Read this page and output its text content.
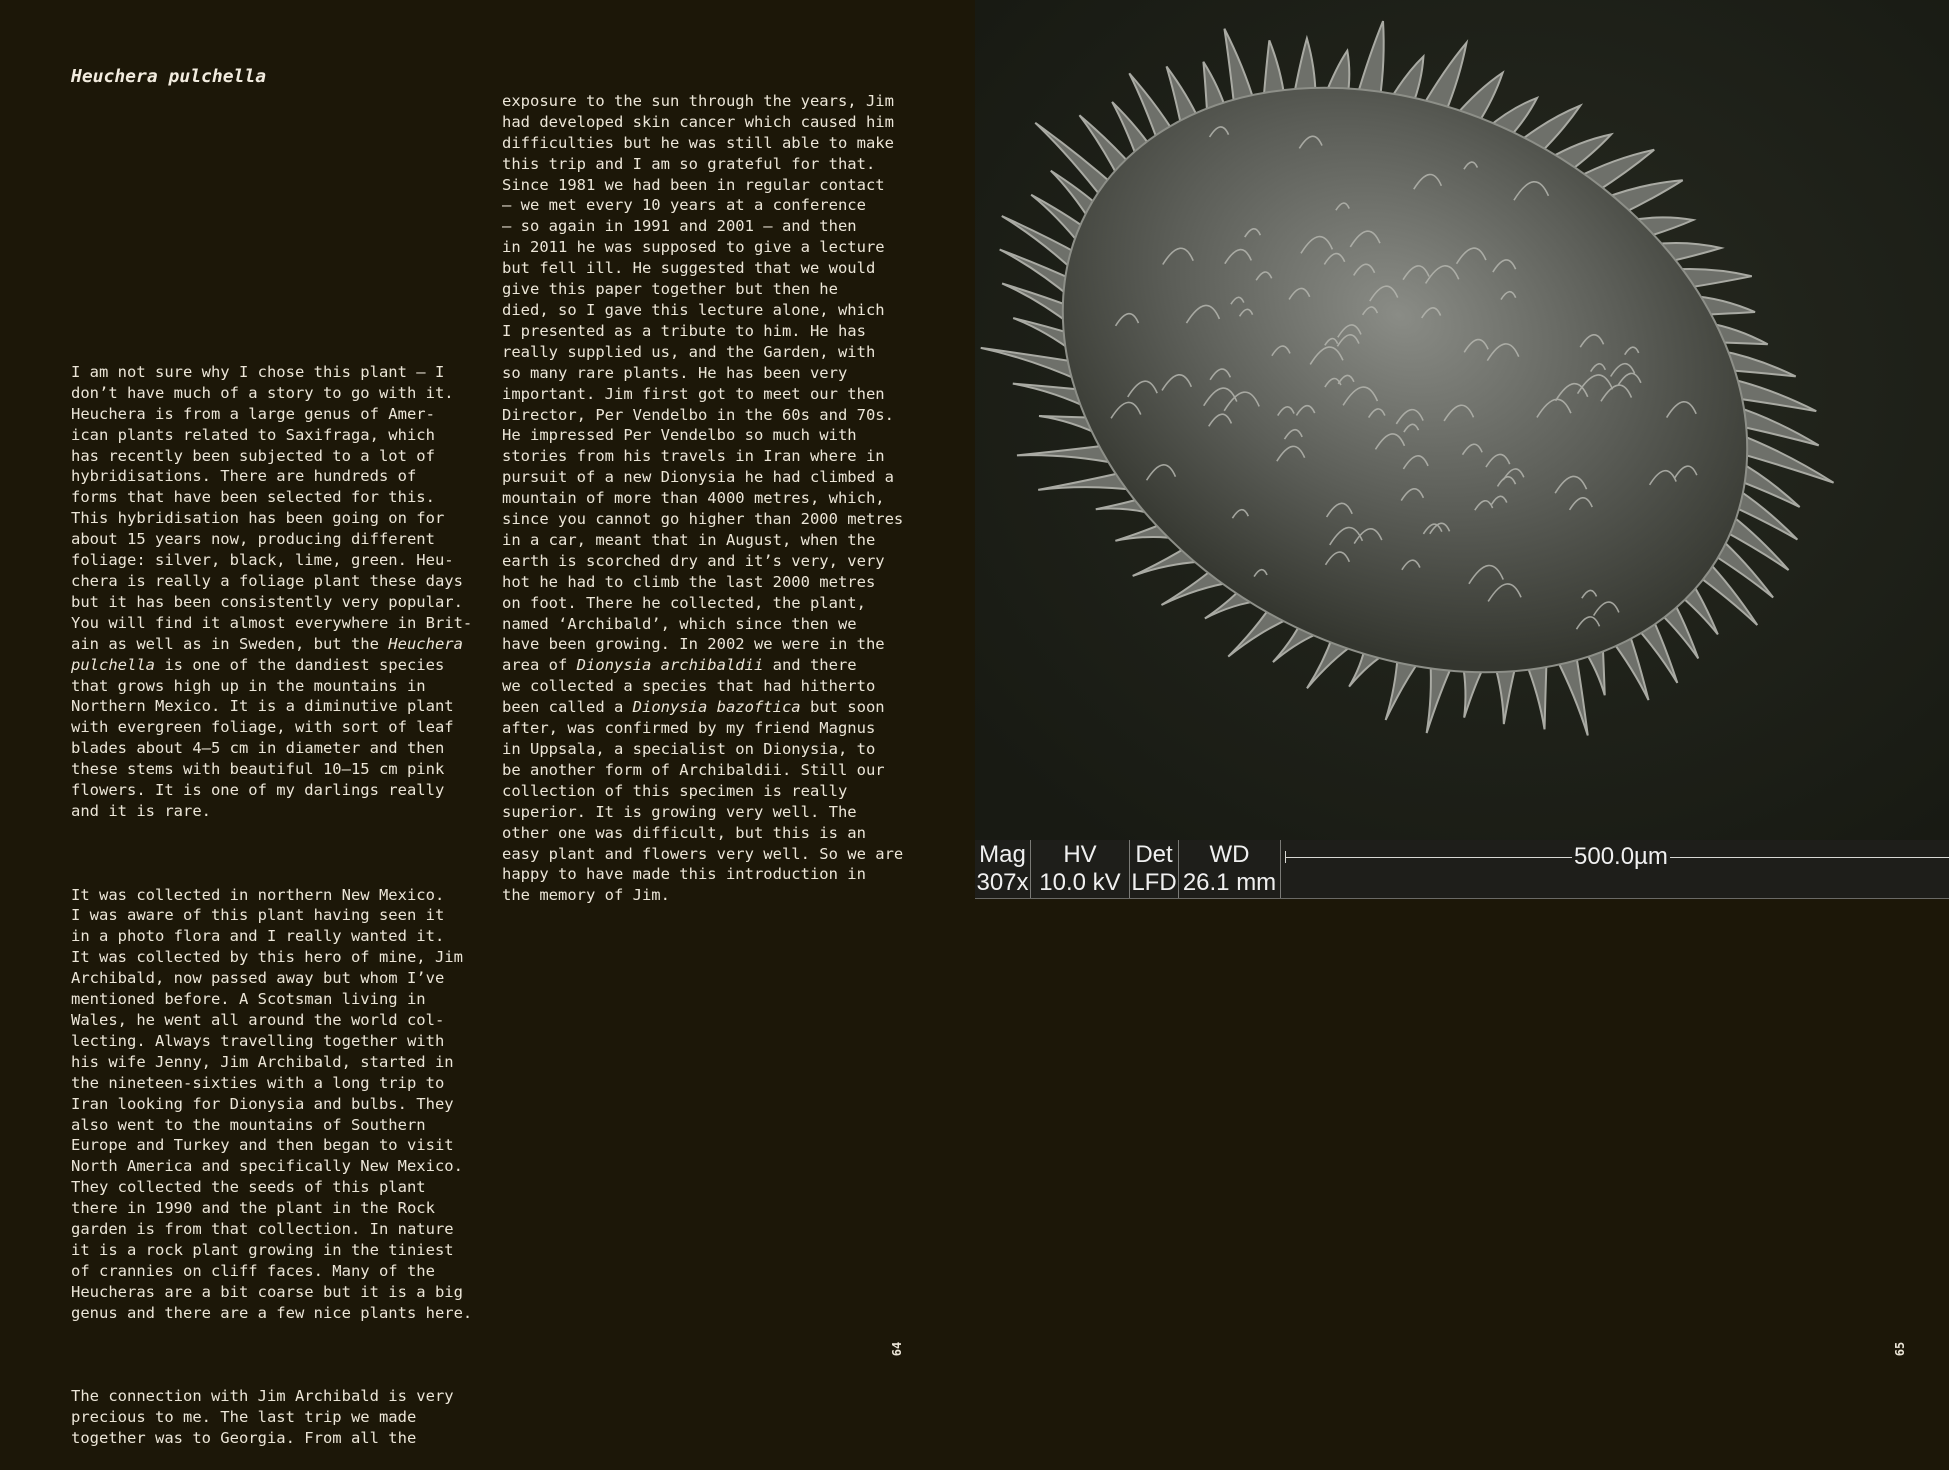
Heuchera pulchella

I am not sure why I chose this plant – I
don’t have much of a story to go with it.
Heuchera is from a large genus of Amer-
ican plants related to Saxifraga, which
has recently been subjected to a lot of
hybridisations. There are hundreds of
forms that have been selected for this.
This hybridisation has been going on for
about 15 years now, producing different
foliage: silver, black, lime, green. Heu-
chera is really a foliage plant these days
but it has been consistently very popular.
You will find it almost everywhere in Brit-
ain as well as in Sweden, but the Heuchera
pulchella is one of the dandiest species
that grows high up in the mountains in
Northern Mexico. It is a diminutive plant
with evergreen foliage, with sort of leaf
blades about 4–5 cm in diameter and then
these stems with beautiful 10–15 cm pink
flowers. It is one of my darlings really
and it is rare.

It was collected in northern New Mexico.
I was aware of this plant having seen it
in a photo flora and I really wanted it.
It was collected by this hero of mine, Jim
Archibald, now passed away but whom I’ve
mentioned before. A Scotsman living in
Wales, he went all around the world col-
lecting. Always travelling together with
his wife Jenny, Jim Archibald, started in
the nineteen-sixties with a long trip to
Iran looking for Dionysia and bulbs. They
also went to the mountains of Southern
Europe and Turkey and then began to visit
North America and specifically New Mexico.
They collected the seeds of this plant
there in 1990 and the plant in the Rock
garden is from that collection. In nature
it is a rock plant growing in the tiniest
of crannies on cliff faces. Many of the
Heucheras are a bit coarse but it is a big
genus and there are a few nice plants here.

The connection with Jim Archibald is very
precious to me. The last trip we made
together was to Georgia. From all the

exposure to the sun through the years, Jim
had developed skin cancer which caused him
difficulties but he was still able to make
this trip and I am so grateful for that.
Since 1981 we had been in regular contact
– we met every 10 years at a conference
– so again in 1991 and 2001 – and then
in 2011 he was supposed to give a lecture
but fell ill. He suggested that we would
give this paper together but then he
died, so I gave this lecture alone, which
I presented as a tribute to him. He has
really supplied us, and the Garden, with
so many rare plants. He has been very
important. Jim first got to meet our then
Director, Per Vendelbo in the 60s and 70s.
He impressed Per Vendelbo so much with
stories from his travels in Iran where in
pursuit of a new Dionysia he had climbed a
mountain of more than 4000 metres, which,
since you cannot go higher than 2000 metres
in a car, meant that in August, when the
earth is scorched dry and it’s very, very
hot he had to climb the last 2000 metres
on foot. There he collected, the plant,
named ‘Archibald’, which since then we
have been growing. In 2002 we were in the
area of Dionysia archibaldii and there
we collected a species that had hitherto
been called a Dionysia bazoftica but soon
after, was confirmed by my friend Magnus
in Uppsala, a specialist on Dionysia, to
be another form of Archibaldii. Still our
collection of this specimen is really
superior. It is growing very well. The
other one was difficult, but this is an
easy plant and flowers very well. So we are
happy to have made this introduction in
the memory of Jim.

64
Mag
307x
HV
10.0 kV
Det
LFD
WD
26.1 mm
500.0µm
65
